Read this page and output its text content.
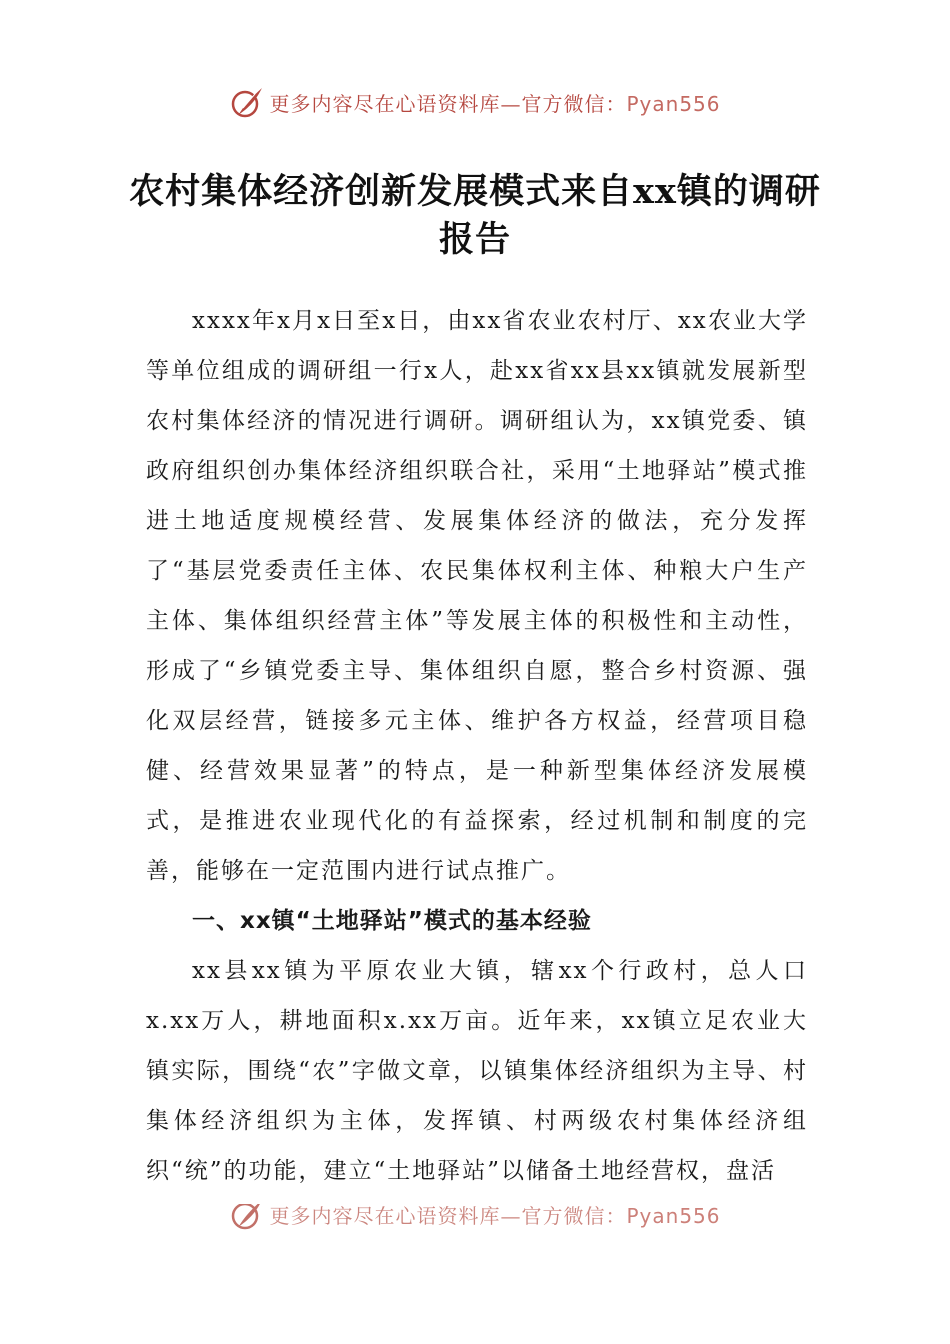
更多内容尽在心语资料库—官方微信：Pyan556
农村集体经济创新发展模式来自xx镇的调研报告

xxxx年x月x日至x日，由xx省农业农村厅、xx农业大学等单位组成的调研组一行x人，赴xx省xx县xx镇就发展新型农村集体经济的情况进行调研。调研组认为，xx镇党委、镇政府组织创办集体经济组织联合社，采用“土地驿站”模式推进土地适度规模经营、发展集体经济的做法，充分发挥了“基层党委责任主体、农民集体权利主体、种粮大户生产主体、集体组织经营主体”等发展主体的积极性和主动性，形成了“乡镇党委主导、集体组织自愿，整合乡村资源、强化双层经营，链接多元主体、维护各方权益，经营项目稳健、经营效果显著”的特点，是一种新型集体经济发展模式，是推进农业现代化的有益探索，经过机制和制度的完善，能够在一定范围内进行试点推广。

一、xx镇“土地驿站”模式的基本经验

xx县xx镇为平原农业大镇，辖xx个行政村，总人口x.xx万人，耕地面积x.xx万亩。近年来，xx镇立足农业大镇实际，围绕“农”字做文章，以镇集体经济组织为主导、村集体经济组织为主体，发挥镇、村两级农村集体经济组织“统”的功能，建立“土地驿站”以储备土地经营权，盘活

更多内容尽在心语资料库—官方微信：Pyan556
